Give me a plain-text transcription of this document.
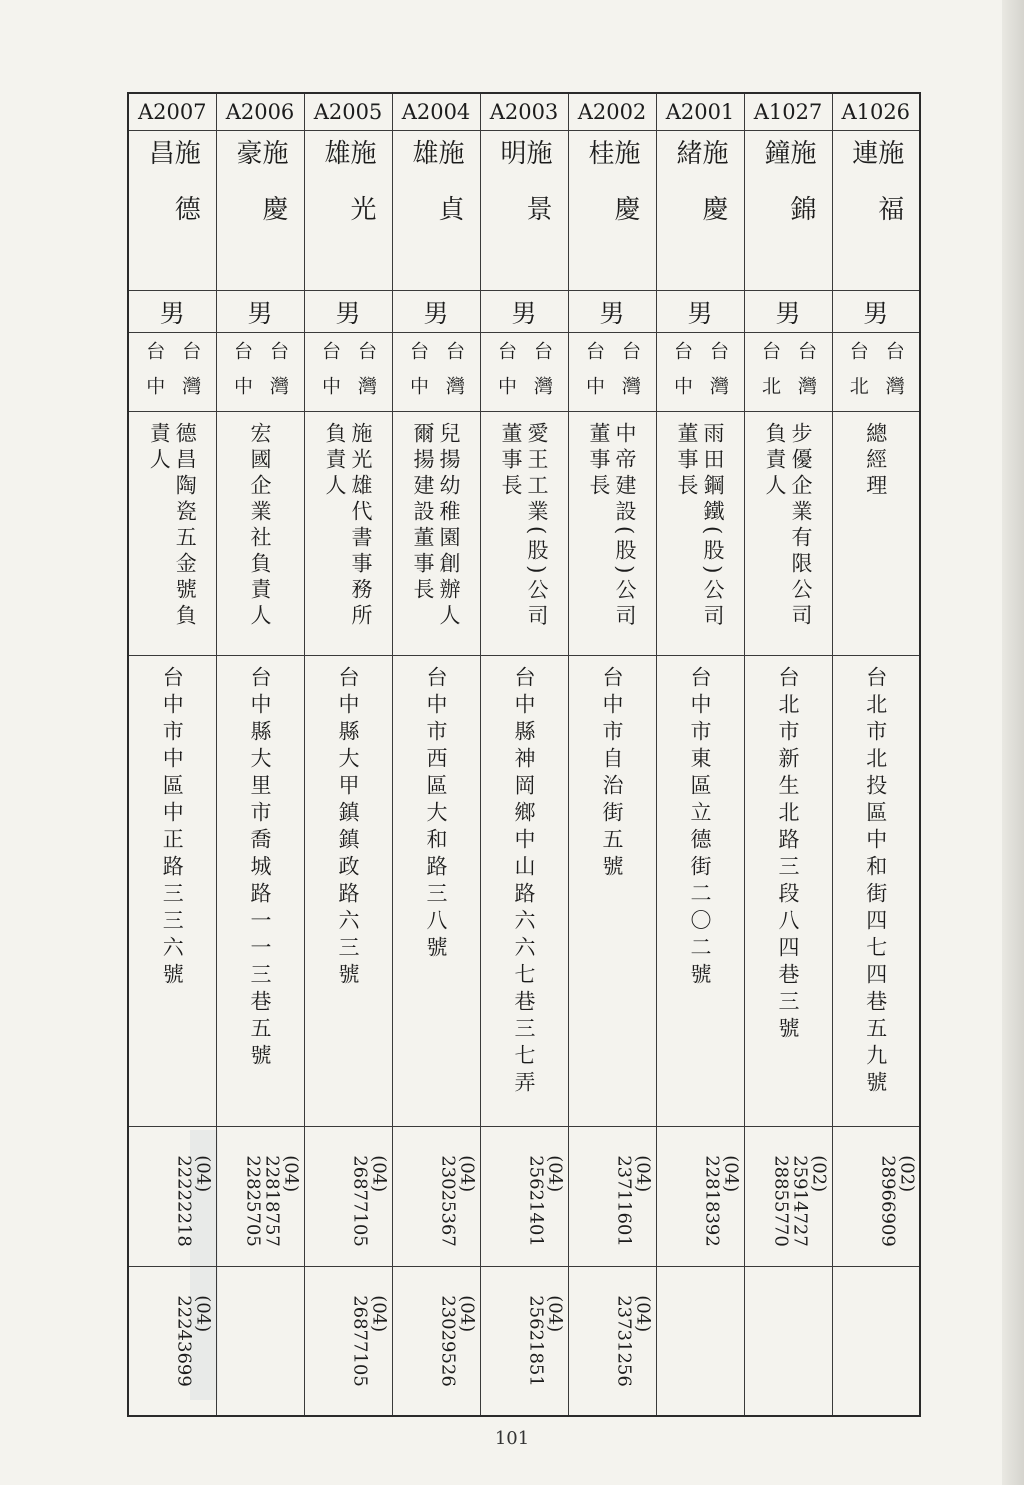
A2007	A2006	A2005	A2004	A2003	A2002	A2001	A1027	A1026

施德昌	施慶豪	施光雄	施貞雄	施景明	施慶桂	施慶緒	施錦鐘	施福連

男	男	男	男	男	男	男	男	男

台灣台中	台灣台中	台灣台中	台灣台中	台灣台中	台灣台中	台灣台中	台灣台北	台灣台北

德昌陶瓷五金號負責人	宏國企業社負責人	施光雄代書事務所負責人	兒揚幼稚園創辦人爾揚建設董事長	愛王工業(股)公司董事長	中帝建設(股)公司董事長	雨田鋼鐵(股)公司董事長	步優企業有限公司負責人	總經理

台中市中區中正路三三六號	台中縣大里市喬城路一一三巷五號	台中縣大甲鎮鎮政路六三號	台中市西區大和路三八號	台中縣神岡鄉中山路六六七巷三七弄	台中市自治街五號	台中市東區立德街二〇二號	台北市新生北路三段八四巷三號	台北市北投區中和街四七四巷五九號

(04)
22222218	(04)
22818757
22825705	(04)
26877105	(04)
23025367	(04)
25621401	(04)
23711601	(04)
22818392	(02)
25914727
28855770	(02)
28966909

(04)
22243699		(04)
26877105	(04)
23029526	(04)
25621851	(04)
23731256			

101
